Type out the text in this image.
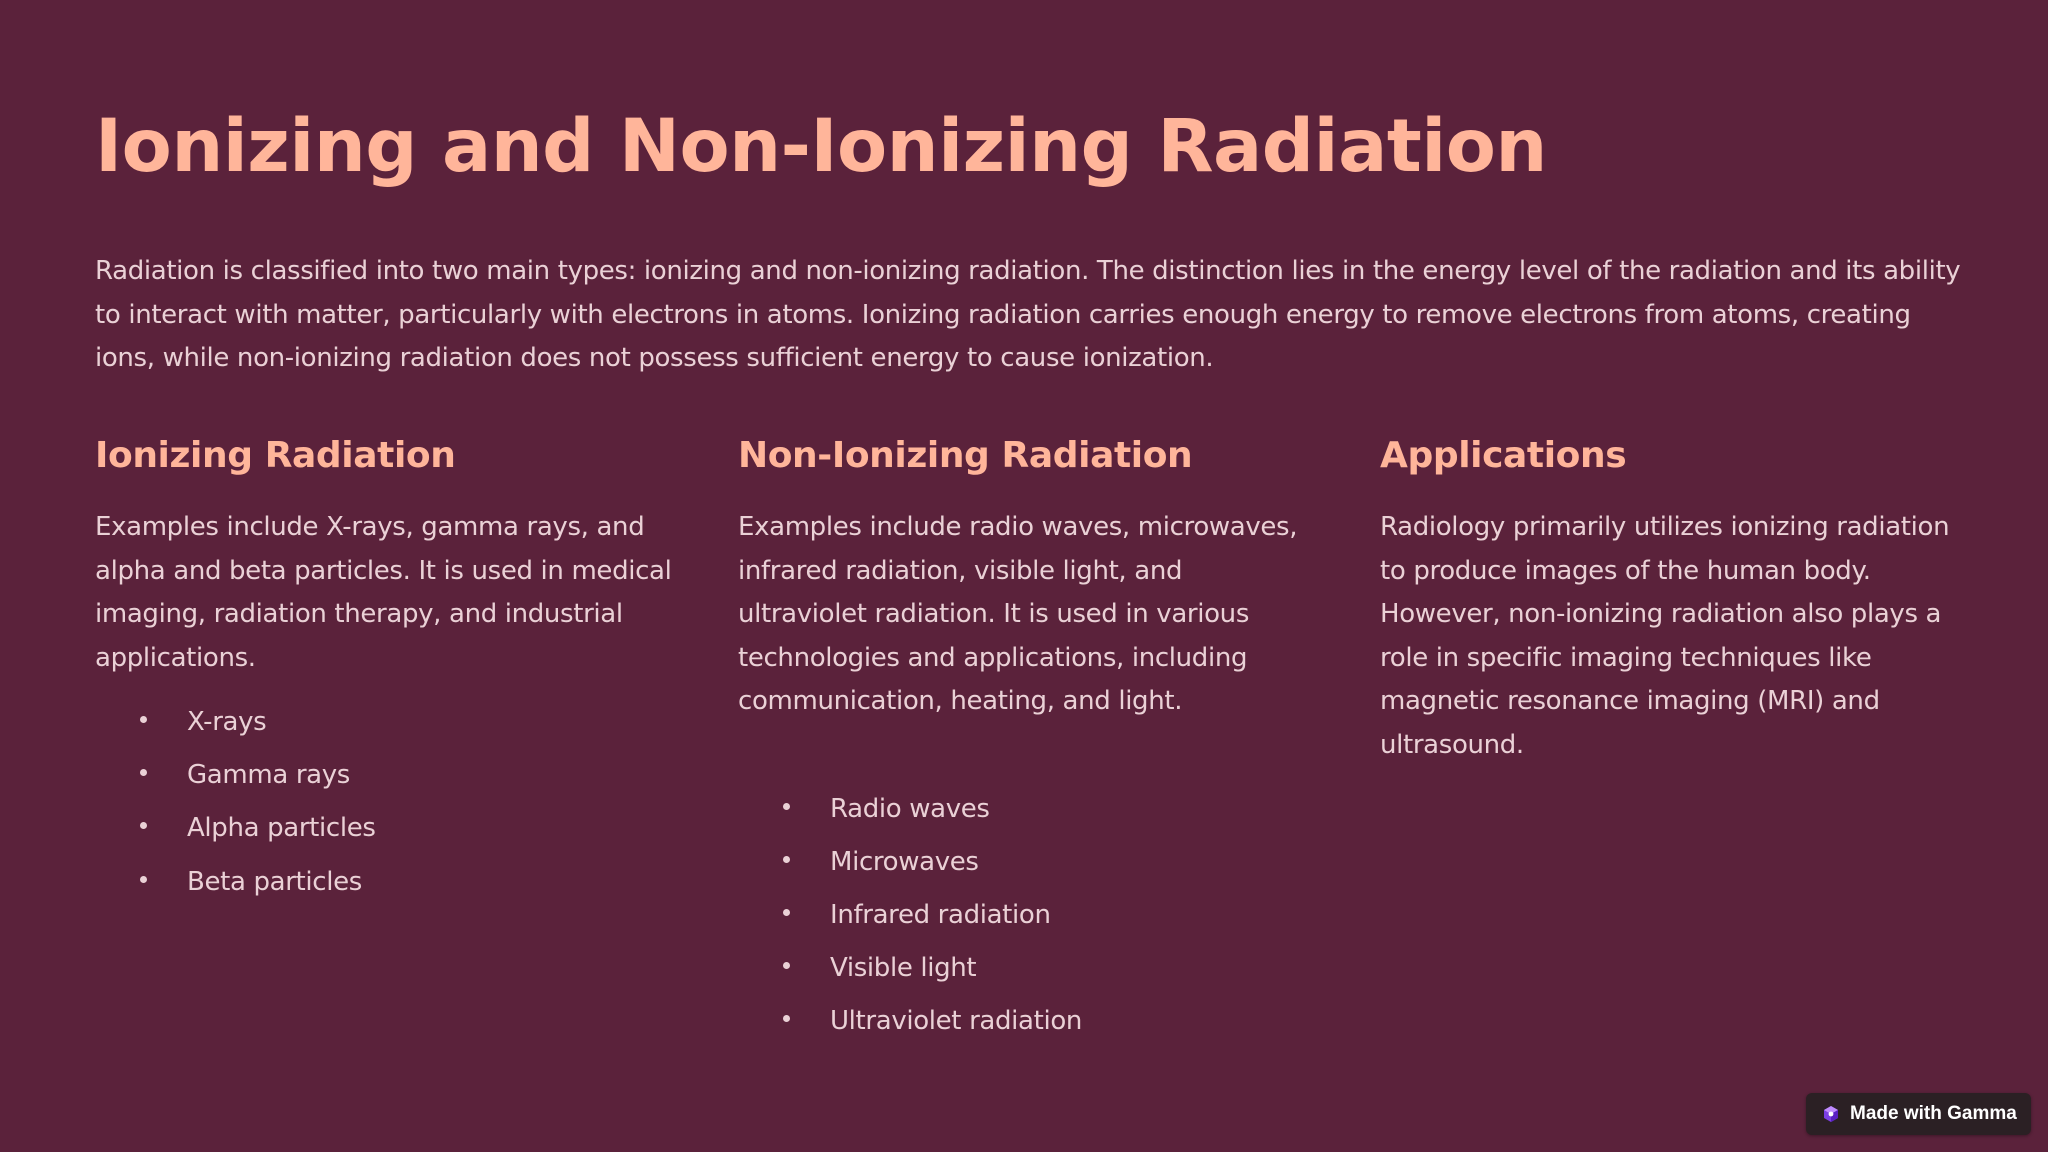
Ionizing and Non-Ionizing Radiation

Radiation is classified into two main types: ionizing and non-ionizing radiation. The distinction lies in the energy level of the radiation and its ability to interact with matter, particularly with electrons in atoms. Ionizing radiation carries enough energy to remove electrons from atoms, creating ions, while non-ionizing radiation does not possess sufficient energy to cause ionization.

Ionizing Radiation

Examples include X-rays, gamma rays, and alpha and beta particles. It is used in medical imaging, radiation therapy, and industrial applications.

X-rays
Gamma rays
Alpha particles
Beta particles
Non-Ionizing Radiation

Examples include radio waves, microwaves, infrared radiation, visible light, and ultraviolet radiation. It is used in various technologies and applications, including communication, heating, and light.

Radio waves
Microwaves
Infrared radiation
Visible light
Ultraviolet radiation
Applications

Radiology primarily utilizes ionizing radiation to produce images of the human body. However, non-ionizing radiation also plays a role in specific imaging techniques like magnetic resonance imaging (MRI) and ultrasound.

Made with Gamma
